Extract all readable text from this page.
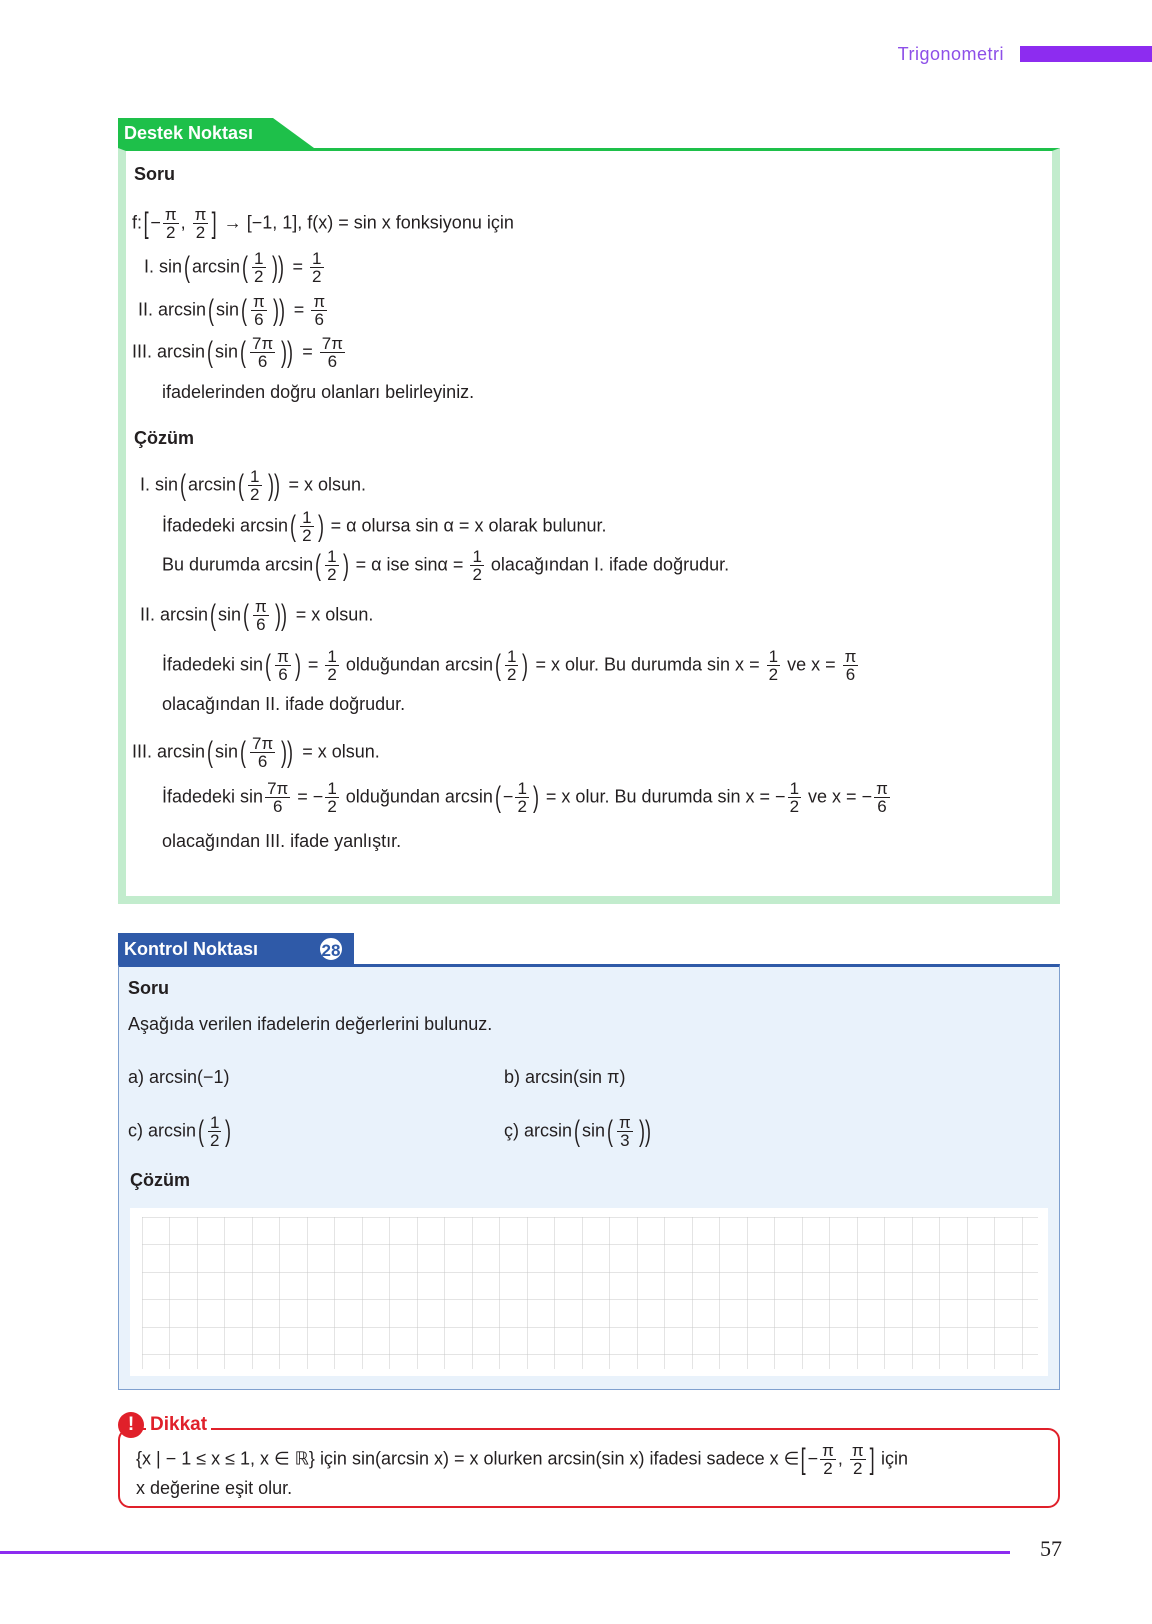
Trigonometri
Destek Noktası
Soru
f:[− $\frac{\pi}{2}$ , $\frac{\pi}{2}$ ] → [−1, 1], f(x) = sin x fonksiyonu için
I. sin( $\arcsin( \frac{1}{2}$ )) = $\frac{1}{2}$
II. arcsin( $\sin( \frac{\pi}{6}$ )) = $\frac{\pi}{6}$
III. arcsin( $\sin( \frac{7\pi}{6}$ )) = $\frac{7\pi}{6}$
ifadelerinden doğru olanları belirleyiniz.
Çözüm
I. sin( $\arcsin( \frac{1}{2}$ )) = x olsun.
İfadedeki $\arcsin( \frac{1}{2}$ ) = α olursa sin α = x olarak bulunur.
Bu durumda $\arcsin( \frac{1}{2}$ ) = α ise $\sin\alpha = \frac{1}{2}$ olacağından I. ifade doğrudur.
II. arcsin( $\sin( \frac{\pi}{6}$ )) = x olsun.
İfadedeki $\sin( \frac{\pi}{6}$ ) = $\frac{1}{2}$ olduğundan $\arcsin( \frac{1}{2}$ ) = x olur. Bu durumda $\sin x = \frac{1}{2}$ ve $x = \frac{\pi}{6}$
olacağından II. ifade doğrudur.
III. arcsin( $\sin( \frac{7\pi}{6}$ )) = x olsun.
İfadedeki $\sin \frac{7\pi}{6}$ = − $\frac{1}{2}$ olduğundan $\arcsin( - \frac{1}{2}$ ) = x olur. Bu durumda sin x = − $\frac{1}{2}$ ve x = − $\frac{\pi}{6}$
olacağından III. ifade yanlıştır.
Kontrol Noktası	28
Soru
Aşağıda verilen ifadelerin değerlerini bulunuz.
a) arcsin(−1)	b) arcsin(sin π)
c) $\arcsin( \frac{1}{2}$ )	ç) arcsin( $\sin( \frac{\pi}{3}$ ))
Çözüm
Dikkat
!
{x | − 1 ≤ x ≤ 1, x ∈ ℝ} için sin(arcsin x) = x olurken arcsin(sin x) ifadesi sadece x ∈[− $\frac{\pi}{2}$ , $\frac{\pi}{2}$ ] için
x değerine eşit olur.
57
